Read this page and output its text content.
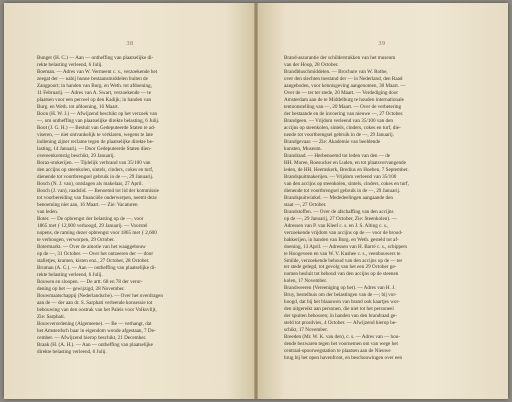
38
Bunger (H. C.) — Aan — ontheffing van plaatselijke di-
rekte belasting verleend, 6 Julij.
Boeman. — Adres van W. Vermeent c. s., verzoekende het
zeegat der — nabij hunne bestaansmiddelen buiten de
Zangpoort; in handen van Burg. en Weth. tot afdoening,
11 Februarij. — Adres van A. Swart, verzoekende — te
plaatsen voor een perceel op den Kadijk; in handen van
Burg. en Weth. tot afdoening, 16 Maart.
Boon (H. W. J.) — Afwijzend beschikt op het verzoek van
—, om ontheffing van plaatselijke direkte belasting, 6 Julij.
Boot (J. G. H.) — Besluit van Gedeputeerde Staten te ad-
viseren, — niet ontvankelijk te verklaren, wegens te late
indiening zijner reclame tegen de plaatselijke direkte be-
lasting, 14 Januarij. — Door Gedeputeerde Staten dien-
overeenkomstig beschikt, 29 Januarij.
Borax-stokerijen. — Tijdelijk verbrand van 35/100 van
den accijns op steenkolen, sintels, cinders, cokes en turf,
dienende tot voortbrengsel gebruik in de —, 29 Januarij.
Bosch (N. J. van), ontslagen als makelaar, 27 April.
Bosch (J. van), raadslid. — Benoemd tot lid der kommissie
tot voorbereiding van financiële onderwerpen, neemt deze
benoeming niet aan, 16 Maart. — Zie: Vacaturen
van leden.
Boter. — De opbrengst der belasting op de —, voor
1865 met ƒ 12,000 verhoogd, 29 Januarij. — Voorstel
nopens, de raming dezer opbrengst voor 1865 met ƒ 2,600
te verhoogen, verworpen, 29 October.
Botermarkt. — Over de amotie van het waaggebouw
op de —, 31 October. — Over het ontzeeren der — door
stalletjes, kramen, kisten enz., 27 October, 28 October.
Bruman (A. C.). — Aan — ontheffing van plaatselijke di-
rekte belasting verleend, 6 Julij.
Bouwen en sloopen. — De artt. 68 en 78 der veror-
dening op het — gewijzigd, 28 November.
Bouwmaatschappij (Nederlandsche). — Over het overdragen
aan de — der aan dr. S. Sarphati verleende konsessie tot
bebouwing van den oostrak van het Paleis voor Volksvlijt,
Zie: Sarphati.
Bouwverordening (Algemeene). — Be — verhangt, dat
het Amsterdsch baar in eigendom wonde afgestaan, 7 De-
cember. — Afwijzend hierop beschikt, 21 December.
Braak (H. (A. H.). — Aan — ontheffing van plaatselijke
direkte belasting verleend, 6 Julij.
39
Brand-assurantie der schilderstukken van het museum
van der Hoop, 28 October.
Brandbluschmiddelen. — Brochure van W. Rothe,
over den slechten toestand der — in Nederland, den Raad
aangeboden, voor kennisgeving aangenomen, 30 Maart. —
Over de — ter ter stede, 20 Maart. — Verdediging door
Amsterdam aan de te Middelburg te houden internationale
tentoonstelling van —, 20 Maart. — Over de verbetering
der bestaande en de invoering van nieuwe —, 27 October.
Brandgeen. — Vrijdom verleend van 35/100 van den
accijns op steenkolen, sintels, cinders, cokes en turf, die-
nende tot voortbrengsel gebruik in de —, 29 Januarij.
Brandgevaar. — Zie: Akademie van beeldende
kunsten, Museum.
Brandraad. — Herbenoemd tot leden van den — de
HH. Moree, Roesucker en Luden, en tot plaatsvervangende
leden, de HH. Heemskerk, Bredius en Hoeben, 7 September.
Brandspuitmakerijen. — Vrijdom verleend van 35/100
van den accijns op steenkolen, sintels, cinders, cokes en turf,
dienende tot voortbrengsel gebruik in de —, 29 Januarij.
Brandspuitwinkel. — Mededeelingen aangaande den
staat —, 27 October.
Brandstoffen. — Over de afschaffing van den accijns
op de —, 29 Januarij, 27 October, Zie: Steenkolen). —
Adressen van P. van Kleef c. s. en J. S. Alting c. s.,
verzoekende vrijdom van accijns op de — voor de brood-
bakkerijen, in handen van Burg. en Weth. gesteld tot af-
doening, 13 April. — Adressen van H. Barré c. s., schippers
te Hoogeveen en van W. V. Kushee c. s., veenbouwers te
Smilde, verzoekende behoud van den accijns op de — ter
ter stede gelegd, tot gevolg van het een 29 October ge-
nomen besluit tot behoud van den accijns op de steenen
kolen, 17 November.
Brandweeren (Vereeniging op het). — Adres van H. J.
Bruy, bestelhuis om der belastingen van de —; bij vor-
hoogd, dat bij het blaauwen van brand ook kaartjes wor-
den uitgereikt aan personen, die niet tot het personeel
der spuiten behooren; in handen van den brandraad ge-
steld tot prosdvies, 4 October. — Afwijzend hierop be-
schikt, 17 November.
Breeden (Mr. W. K. van den), c. s. — Adres van — hou-
dende bezwaren tegen het voornemen om van wege het
centraal-spoorwegstation te plaatsen aan de Nieuwe
brug bij het open havenfront, en beschouwingen over een
